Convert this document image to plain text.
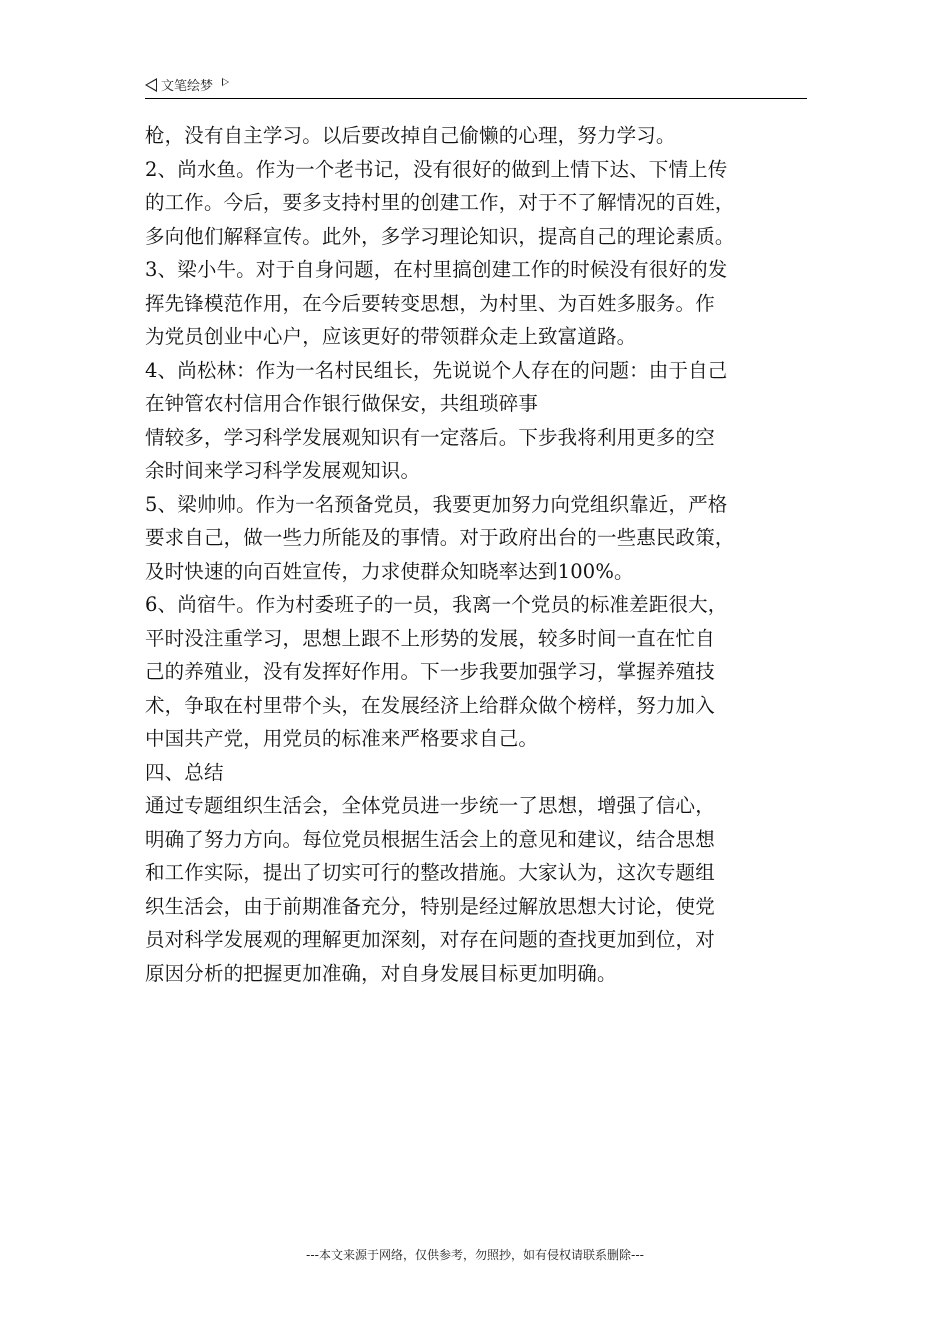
文笔绘梦
枪，没有自主学习。以后要改掉自己偷懒的心理，努力学习。
2、尚水鱼。作为一个老书记，没有很好的做到上情下达、下情上传
的工作。今后，要多支持村里的创建工作，对于不了解情况的百姓，
多向他们解释宣传。此外，多学习理论知识，提高自己的理论素质。
3、梁小牛。对于自身问题，在村里搞创建工作的时候没有很好的发
挥先锋模范作用，在今后要转变思想，为村里、为百姓多服务。作
为党员创业中心户，应该更好的带领群众走上致富道路。
4、尚松林：作为一名村民组长，先说说个人存在的问题：由于自己
在钟管农村信用合作银行做保安，共组琐碎事
情较多，学习科学发展观知识有一定落后。下步我将利用更多的空
余时间来学习科学发展观知识。
5、梁帅帅。作为一名预备党员，我要更加努力向党组织靠近，严格
要求自己，做一些力所能及的事情。对于政府出台的一些惠民政策，
及时快速的向百姓宣传，力求使群众知晓率达到100%。
6、尚宿牛。作为村委班子的一员，我离一个党员的标准差距很大，
平时没注重学习，思想上跟不上形势的发展，较多时间一直在忙自
己的养殖业，没有发挥好作用。下一步我要加强学习，掌握养殖技
术，争取在村里带个头，在发展经济上给群众做个榜样，努力加入
中国共产党，用党员的标准来严格要求自己。
四、总结
通过专题组织生活会，全体党员进一步统一了思想，增强了信心，
明确了努力方向。每位党员根据生活会上的意见和建议，结合思想
和工作实际，提出了切实可行的整改措施。大家认为，这次专题组
织生活会，由于前期准备充分，特别是经过解放思想大讨论，使党
员对科学发展观的理解更加深刻，对存在问题的查找更加到位，对
原因分析的把握更加准确，对自身发展目标更加明确。
---本文来源于网络，仅供参考，勿照抄，如有侵权请联系删除---
